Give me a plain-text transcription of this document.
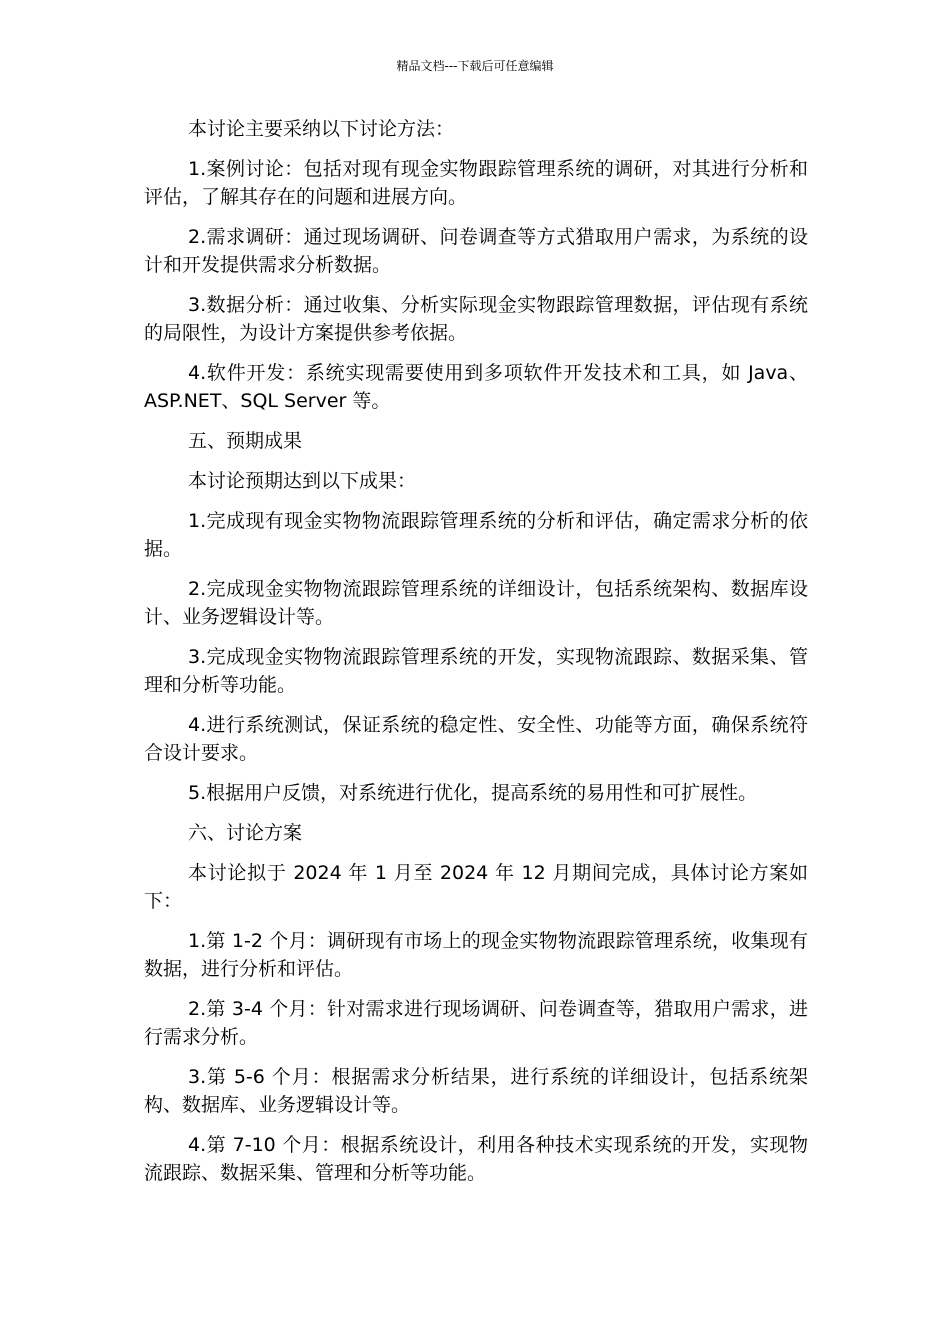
精品文档---下载后可任意编辑

本讨论主要采纳以下讨论方法：

1.案例讨论：包括对现有现金实物跟踪管理系统的调研，对其进行分析和评估，了解其存在的问题和进展方向。

2.需求调研：通过现场调研、问卷调查等方式猎取用户需求，为系统的设计和开发提供需求分析数据。

3.数据分析：通过收集、分析实际现金实物跟踪管理数据，评估现有系统的局限性，为设计方案提供参考依据。

4.软件开发：系统实现需要使用到多项软件开发技术和工具，如 Java、ASP.NET、SQL Server 等。

五、预期成果

本讨论预期达到以下成果：

1.完成现有现金实物物流跟踪管理系统的分析和评估，确定需求分析的依据。

2.完成现金实物物流跟踪管理系统的详细设计，包括系统架构、数据库设计、业务逻辑设计等。

3.完成现金实物物流跟踪管理系统的开发，实现物流跟踪、数据采集、管理和分析等功能。

4.进行系统测试，保证系统的稳定性、安全性、功能等方面，确保系统符合设计要求。

5.根据用户反馈，对系统进行优化，提高系统的易用性和可扩展性。

六、讨论方案

本讨论拟于 2024 年 1 月至 2024 年 12 月期间完成，具体讨论方案如下：

1.第 1-2 个月：调研现有市场上的现金实物物流跟踪管理系统，收集现有数据，进行分析和评估。

2.第 3-4 个月：针对需求进行现场调研、问卷调查等，猎取用户需求，进行需求分析。

3.第 5-6 个月：根据需求分析结果，进行系统的详细设计，包括系统架构、数据库、业务逻辑设计等。

4.第 7-10 个月：根据系统设计，利用各种技术实现系统的开发，实现物流跟踪、数据采集、管理和分析等功能。
